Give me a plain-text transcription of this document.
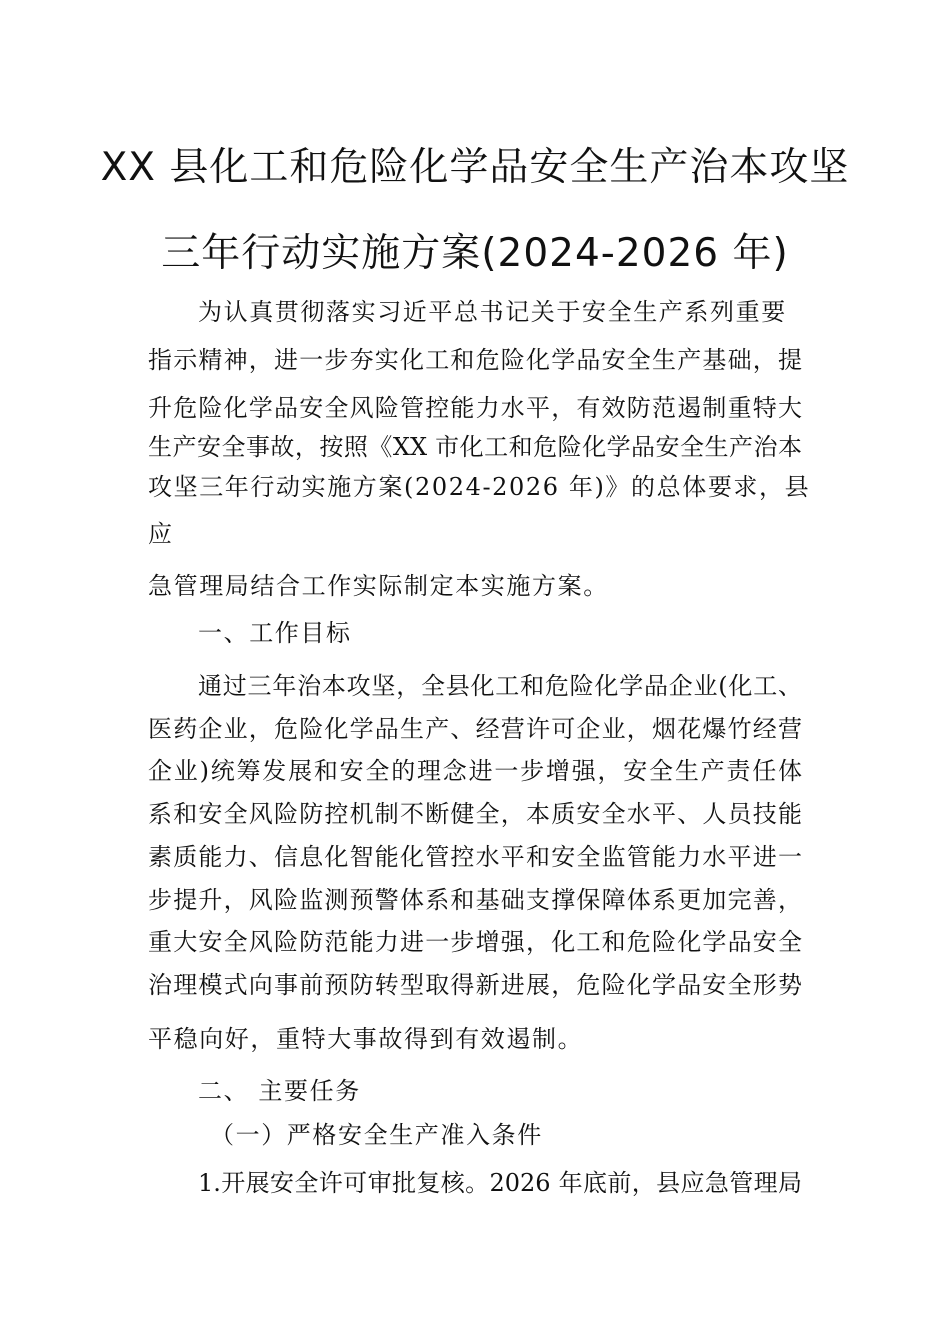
XX 县化工和危险化学品安全生产治本攻坚
三年行动实施方案(2024-2026 年)
为认真贯彻落实习近平总书记关于安全生产系列重要
指示精神，进一步夯实化工和危险化学品安全生产基础，提
升危险化学品安全风险管控能力水平，有效防范遏制重特大
生产安全事故，按照《XX 市化工和危险化学品安全生产治本
攻坚三年行动实施方案(2024-2026 年)》的总体要求，县
应
急管理局结合工作实际制定本实施方案。
一、工作目标
通过三年治本攻坚，全县化工和危险化学品企业(化工、
医药企业，危险化学品生产、经营许可企业，烟花爆竹经营
企业)统筹发展和安全的理念进一步增强，安全生产责任体
系和安全风险防控机制不断健全，本质安全水平、人员技能
素质能力、信息化智能化管控水平和安全监管能力水平进一
步提升，风险监测预警体系和基础支撑保障体系更加完善，
重大安全风险防范能力进一步增强，化工和危险化学品安全
治理模式向事前预防转型取得新进展，危险化学品安全形势
平稳向好，重特大事故得到有效遏制。
二、 主要任务
（一）严格安全生产准入条件
1.开展安全许可审批复核。2026 年底前，县应急管理局
